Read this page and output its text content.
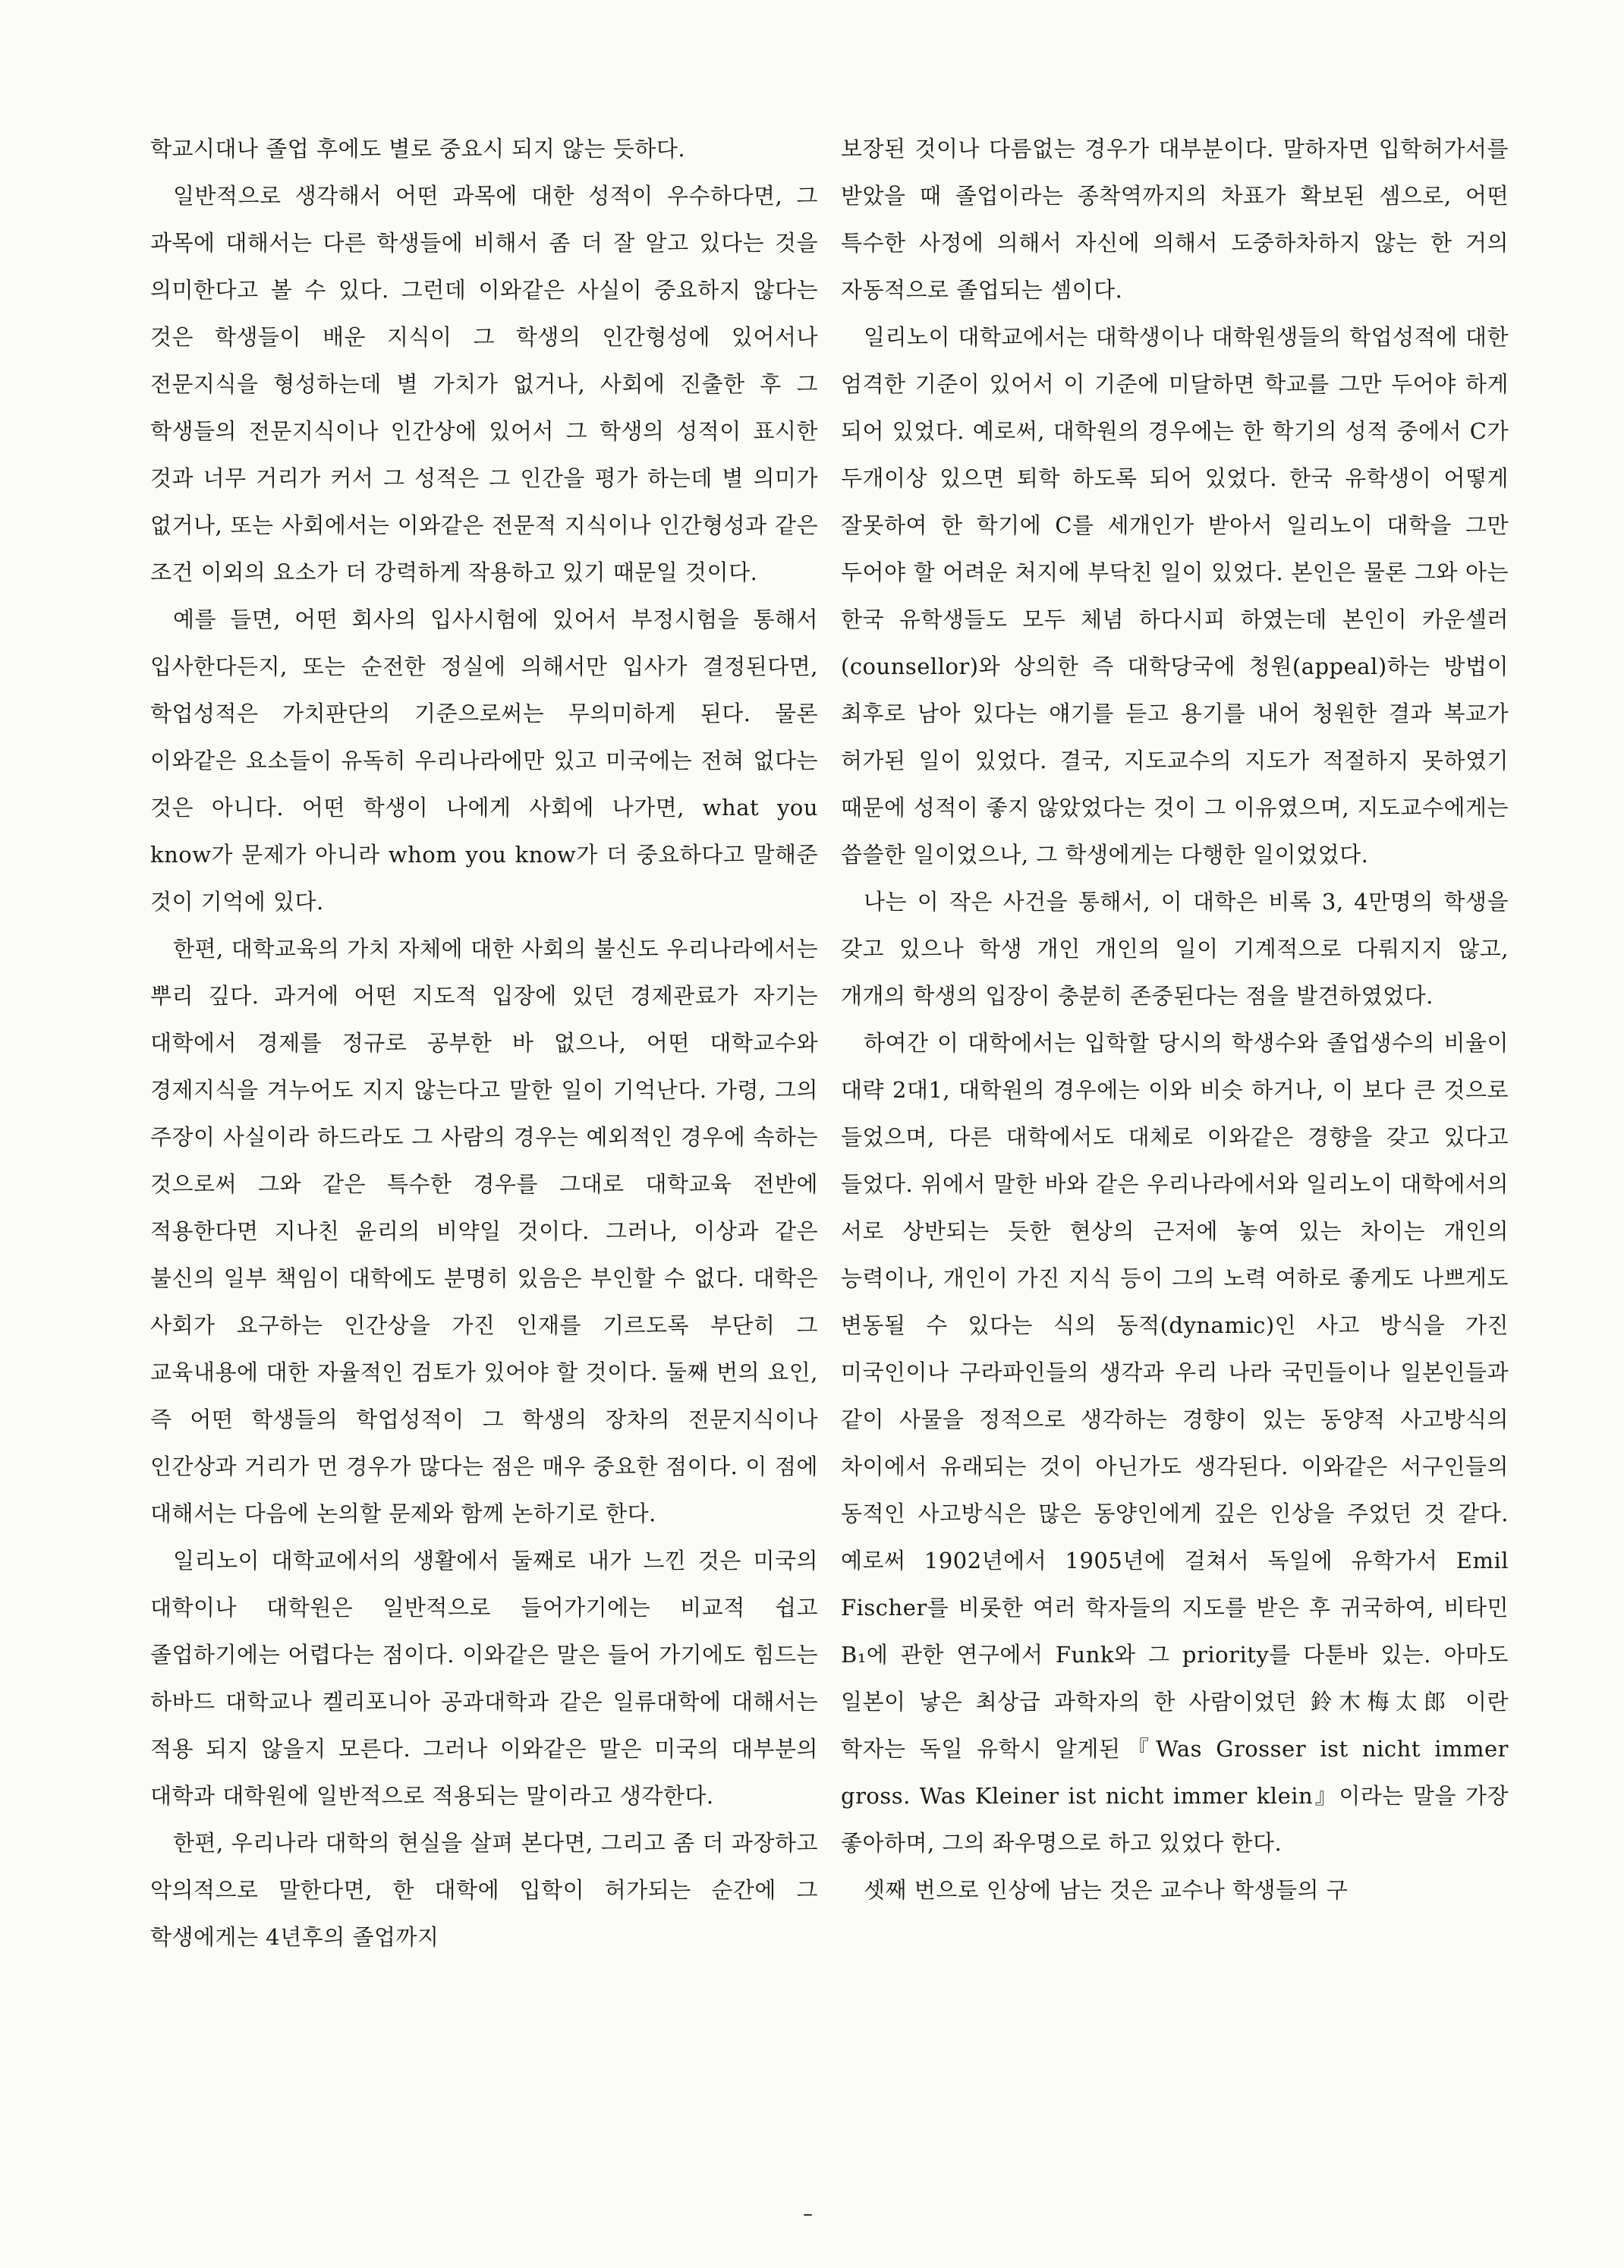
학교시대나 졸업 후에도 별로 중요시 되지 않는 듯하다.

일반적으로 생각해서 어떤 과목에 대한 성적이 우수하다면, 그 과목에 대해서는 다른 학생들에 비해서 좀 더 잘 알고 있다는 것을 의미한다고 볼 수 있다. 그런데 이와같은 사실이 중요하지 않다는 것은 학생들이 배운 지식이 그 학생의 인간형성에 있어서나 전문지식을 형성하는데 별 가치가 없거나, 사회에 진출한 후 그 학생들의 전문지식이나 인간상에 있어서 그 학생의 성적이 표시한 것과 너무 거리가 커서 그 성적은 그 인간을 평가 하는데 별 의미가 없거나, 또는 사회에서는 이와같은 전문적 지식이나 인간형성과 같은 조건 이외의 요소가 더 강력하게 작용하고 있기 때문일 것이다.

예를 들면, 어떤 회사의 입사시험에 있어서 부정시험을 통해서 입사한다든지, 또는 순전한 정실에 의해서만 입사가 결정된다면, 학업성적은 가치판단의 기준으로써는 무의미하게 된다. 물론 이와같은 요소들이 유독히 우리나라에만 있고 미국에는 전혀 없다는 것은 아니다. 어떤 학생이 나에게 사회에 나가면, what you know가 문제가 아니라 whom you know가 더 중요하다고 말해준 것이 기억에 있다.

한편, 대학교육의 가치 자체에 대한 사회의 불신도 우리나라에서는 뿌리 깊다. 과거에 어떤 지도적 입장에 있던 경제관료가 자기는 대학에서 경제를 정규로 공부한 바 없으나, 어떤 대학교수와 경제지식을 겨누어도 지지 않는다고 말한 일이 기억난다. 가령, 그의 주장이 사실이라 하드라도 그 사람의 경우는 예외적인 경우에 속하는 것으로써 그와 같은 특수한 경우를 그대로 대학교육 전반에 적용한다면 지나친 윤리의 비약일 것이다. 그러나, 이상과 같은 불신의 일부 책임이 대학에도 분명히 있음은 부인할 수 없다. 대학은 사회가 요구하는 인간상을 가진 인재를 기르도록 부단히 그 교육내용에 대한 자율적인 검토가 있어야 할 것이다. 둘째 번의 요인, 즉 어떤 학생들의 학업성적이 그 학생의 장차의 전문지식이나 인간상과 거리가 먼 경우가 많다는 점은 매우 중요한 점이다. 이 점에 대해서는 다음에 논의할 문제와 함께 논하기로 한다.

일리노이 대학교에서의 생활에서 둘째로 내가 느낀 것은 미국의 대학이나 대학원은 일반적으로 들어가기에는 비교적 쉽고 졸업하기에는 어렵다는 점이다. 이와같은 말은 들어 가기에도 힘드는 하바드 대학교나 켈리포니아 공과대학과 같은 일류대학에 대해서는 적용 되지 않을지 모른다. 그러나 이와같은 말은 미국의 대부분의 대학과 대학원에 일반적으로 적용되는 말이라고 생각한다.

한편, 우리나라 대학의 현실을 살펴 본다면, 그리고 좀 더 과장하고 악의적으로 말한다면, 한 대학에 입학이 허가되는 순간에 그 학생에게는 4년후의 졸업까지

보장된 것이나 다름없는 경우가 대부분이다. 말하자면 입학허가서를 받았을 때 졸업이라는 종착역까지의 차표가 확보된 셈으로, 어떤 특수한 사정에 의해서 자신에 의해서 도중하차하지 않는 한 거의 자동적으로 졸업되는 셈이다.

일리노이 대학교에서는 대학생이나 대학원생들의 학업성적에 대한 엄격한 기준이 있어서 이 기준에 미달하면 학교를 그만 두어야 하게 되어 있었다. 예로써, 대학원의 경우에는 한 학기의 성적 중에서 C가 두개이상 있으면 퇴학 하도록 되어 있었다. 한국 유학생이 어떻게 잘못하여 한 학기에 C를 세개인가 받아서 일리노이 대학을 그만 두어야 할 어려운 처지에 부닥친 일이 있었다. 본인은 물론 그와 아는 한국 유학생들도 모두 체념 하다시피 하였는데 본인이 카운셀러(counsellor)와 상의한 즉 대학당국에 청원(appeal)하는 방법이 최후로 남아 있다는 얘기를 듣고 용기를 내어 청원한 결과 복교가 허가된 일이 있었다. 결국, 지도교수의 지도가 적절하지 못하였기 때문에 성적이 좋지 않았었다는 것이 그 이유였으며, 지도교수에게는 씁쓸한 일이었으나, 그 학생에게는 다행한 일이었었다.

나는 이 작은 사건을 통해서, 이 대학은 비록 3, 4만명의 학생을 갖고 있으나 학생 개인 개인의 일이 기계적으로 다뤄지지 않고, 개개의 학생의 입장이 충분히 존중된다는 점을 발견하였었다.

하여간 이 대학에서는 입학할 당시의 학생수와 졸업생수의 비율이 대략 2대1, 대학원의 경우에는 이와 비슷 하거나, 이 보다 큰 것으로 들었으며, 다른 대학에서도 대체로 이와같은 경향을 갖고 있다고 들었다. 위에서 말한 바와 같은 우리나라에서와 일리노이 대학에서의 서로 상반되는 듯한 현상의 근저에 놓여 있는 차이는 개인의 능력이나, 개인이 가진 지식 등이 그의 노력 여하로 좋게도 나쁘게도 변동될 수 있다는 식의 동적(dynamic)인 사고 방식을 가진 미국인이나 구라파인들의 생각과 우리 나라 국민들이나 일본인들과 같이 사물을 정적으로 생각하는 경향이 있는 동양적 사고방식의 차이에서 유래되는 것이 아닌가도 생각된다. 이와같은 서구인들의 동적인 사고방식은 많은 동양인에게 깊은 인상을 주었던 것 같다. 예로써 1902년에서 1905년에 걸쳐서 독일에 유학가서 Emil Fischer를 비롯한 여러 학자들의 지도를 받은 후 귀국하여, 비타민 B₁에 관한 연구에서 Funk와 그 priority를 다툰바 있는. 아마도 일본이 낳은 최상급 과학자의 한 사람이었던 鈴木梅太郎 이란 학자는 독일 유학시 알게된『Was Grosser ist nicht immer gross. Was Kleiner ist nicht immer klein』이라는 말을 가장 좋아하며, 그의 좌우명으로 하고 있었다 한다.

셋째 번으로 인상에 남는 것은 교수나 학생들의 구

–
